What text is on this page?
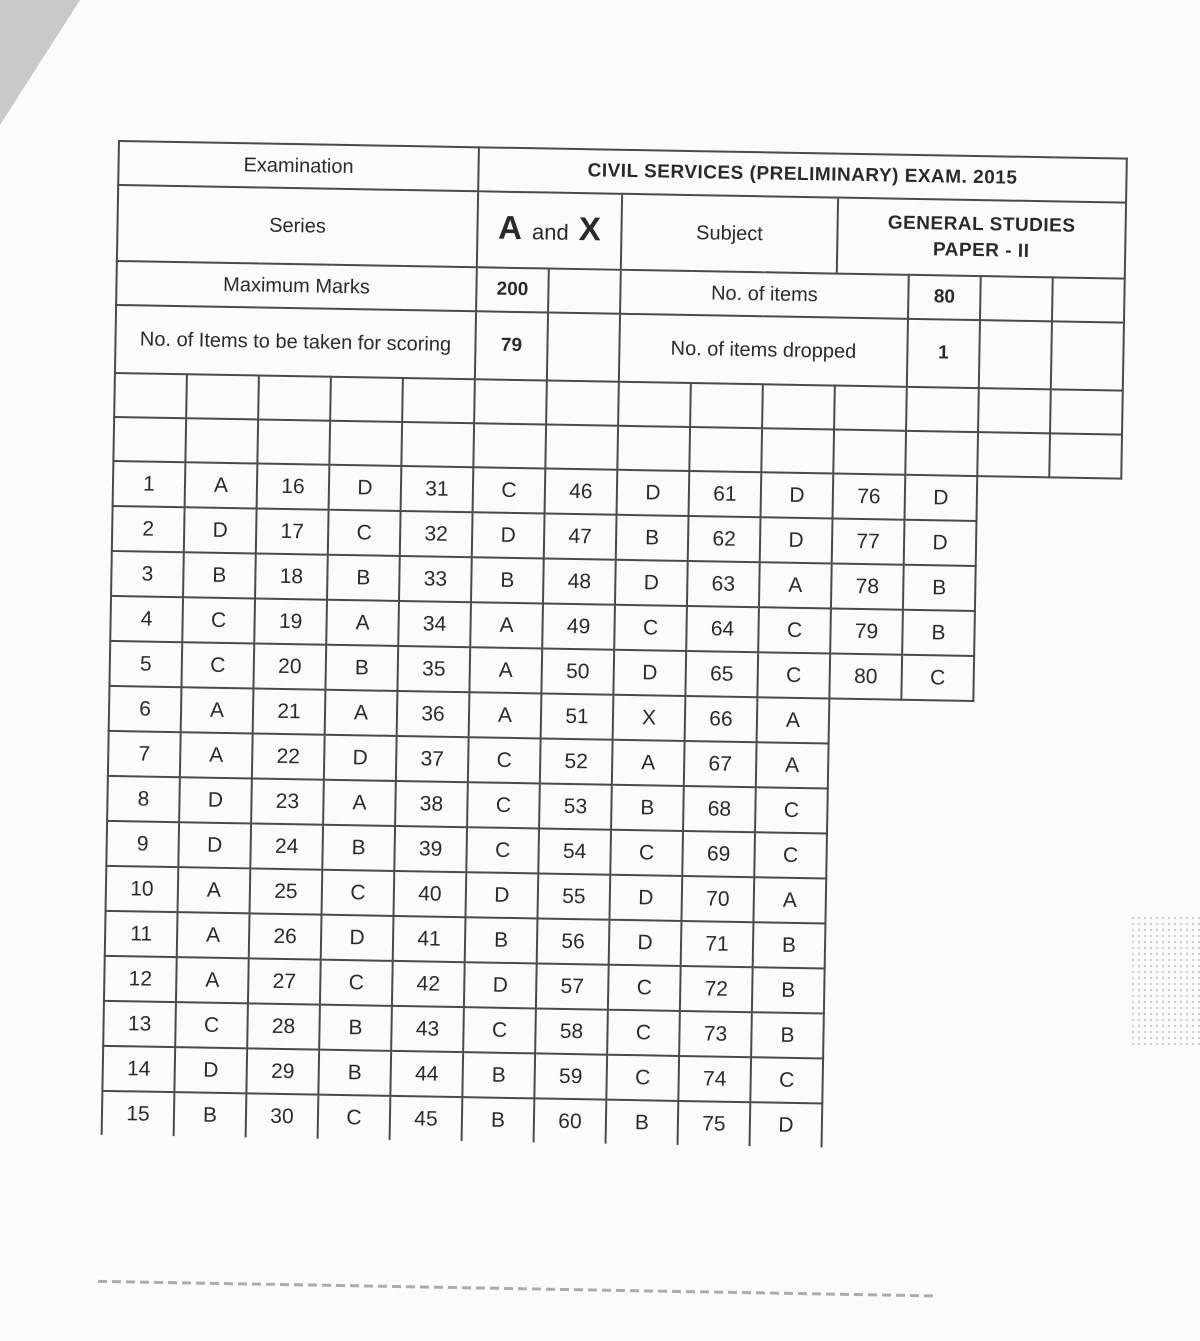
Examination					CIVIL SERVICES (PRELIMINARY) EXAM. 2015								
Series					A and X		Subject			GENERAL STUDIES
PAPER - II			

Maximum Marks					200		No. of items				80		
No. of Items to be taken for scoring					79		No. of items dropped				1		

1	A	16	D	31	C	46	D	61	D	76	D		
2	D	17	C	32	D	47	B	62	D	77	D		
3	B	18	B	33	B	48	D	63	A	78	B		
4	C	19	A	34	A	49	C	64	C	79	B		
5	C	20	B	35	A	50	D	65	C	80	C		
6	A	21	A	36	A	51	X	66	A				
7	A	22	D	37	C	52	A	67	A				
8	D	23	A	38	C	53	B	68	C				
9	D	24	B	39	C	54	C	69	C				
10	A	25	C	40	D	55	D	70	A				
11	A	26	D	41	B	56	D	71	B				
12	A	27	C	42	D	57	C	72	B				
13	C	28	B	43	C	58	C	73	B				
14	D	29	B	44	B	59	C	74	C				
15	B	30	C	45	B	60	B	75	D				
